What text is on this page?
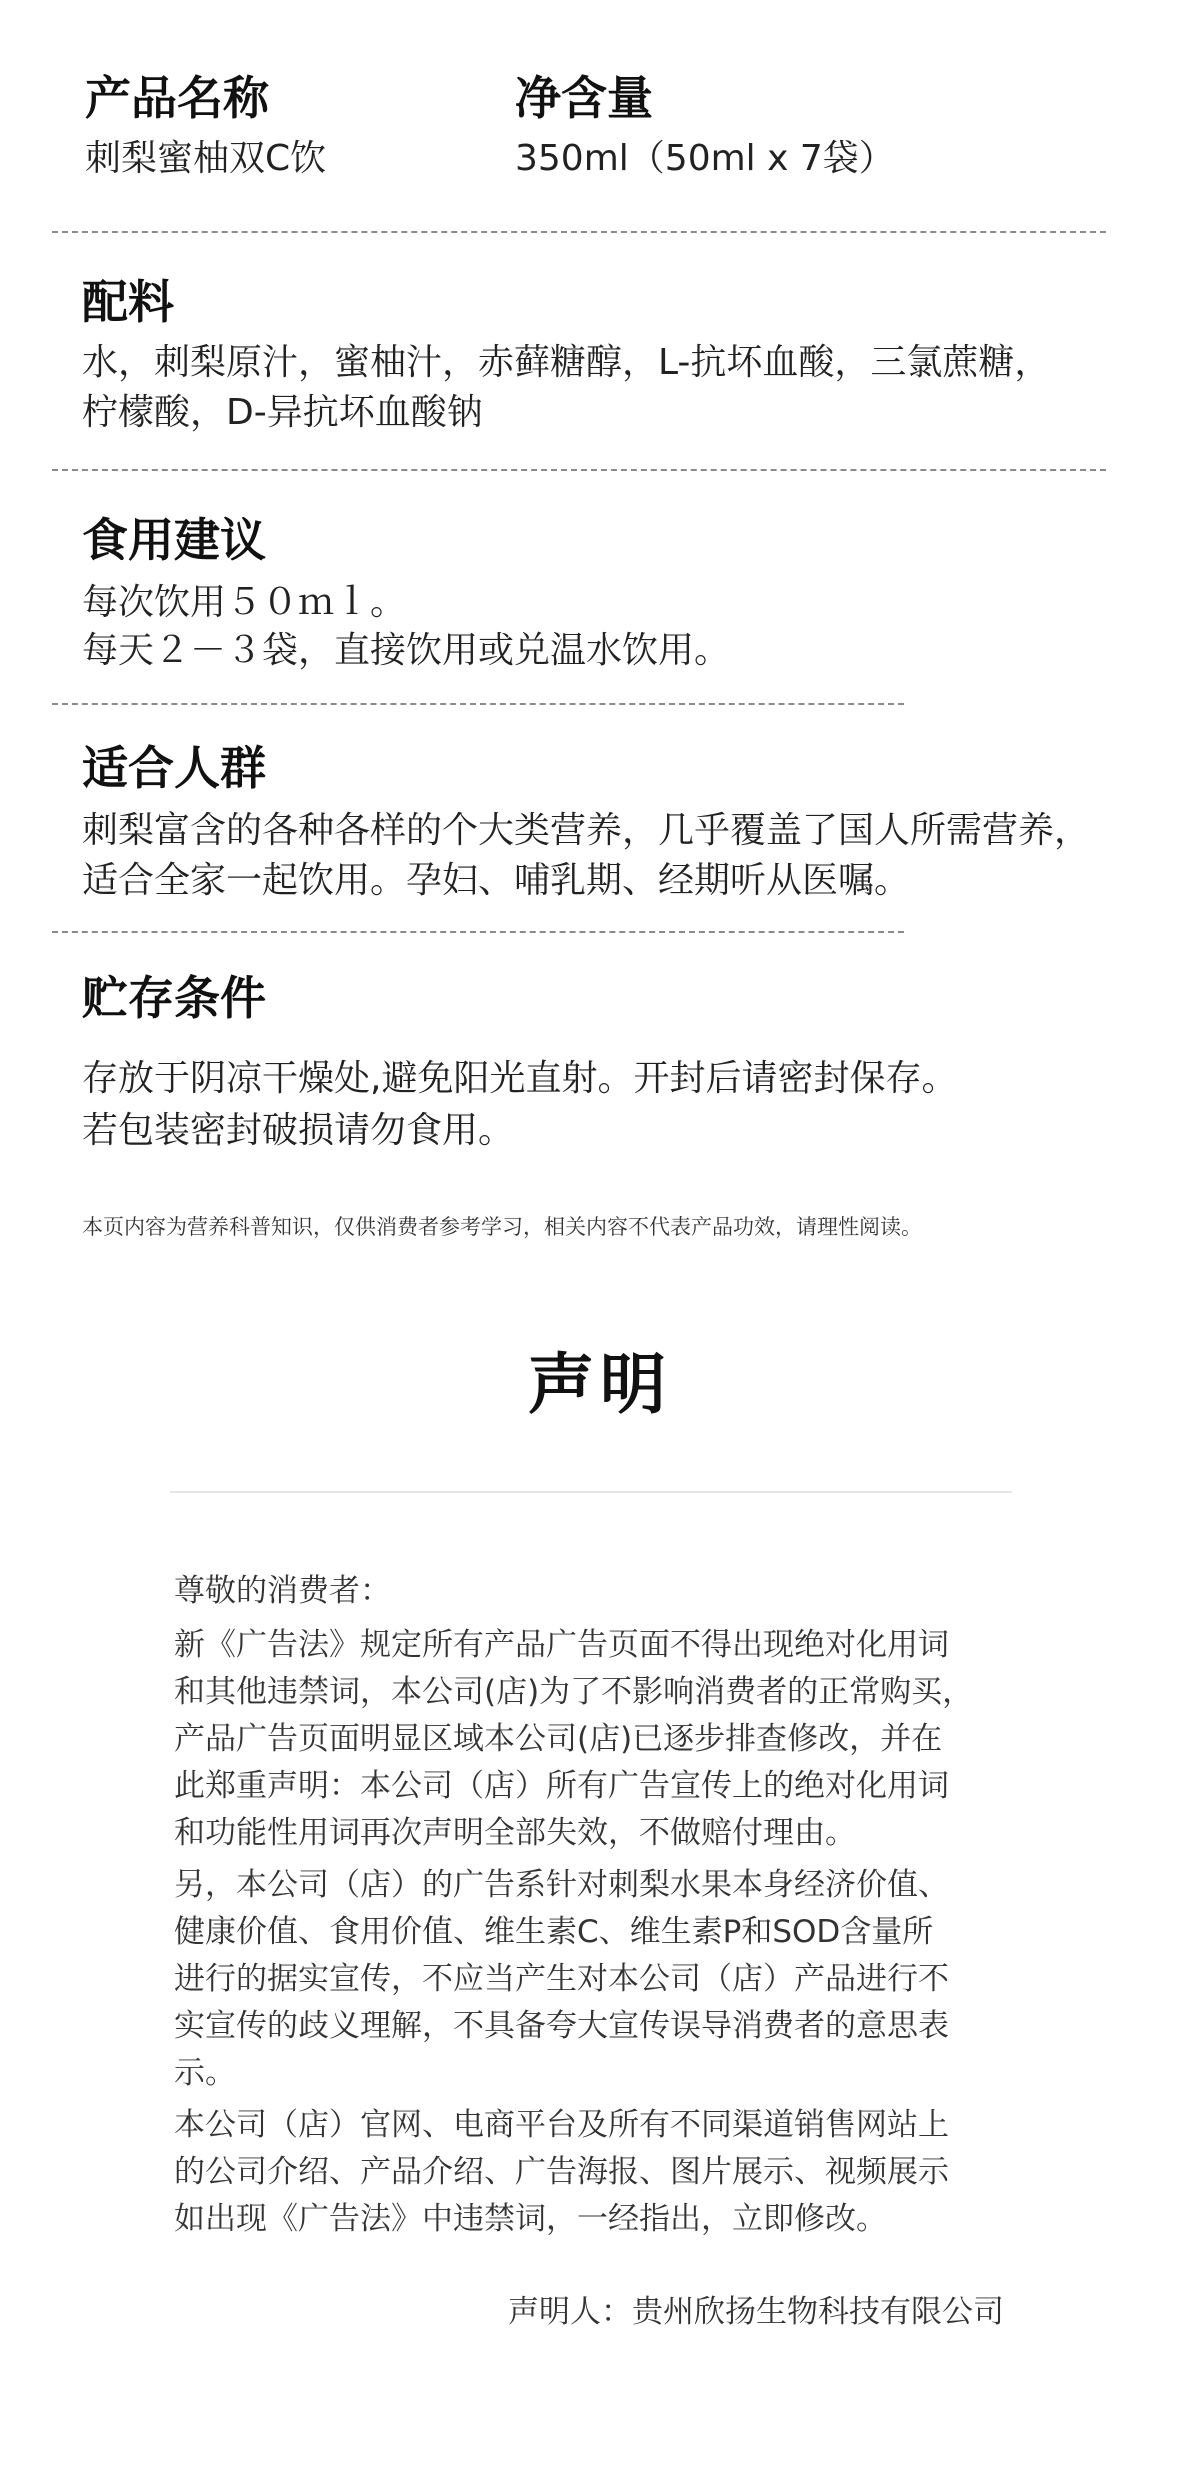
产品名称
刺梨蜜柚双C饮
净含量
350ml（50ml x 7袋）
配料
水，刺梨原汁，蜜柚汁，赤藓糖醇，L-抗坏血酸，三氯蔗糖，
柠檬酸，D-异抗坏血酸钠
食用建议
每次饮用５０ｍｌ。
每天２－３袋，直接饮用或兑温水饮用。
适合人群
刺梨富含的各种各样的个大类营养，几乎覆盖了国人所需营养，
适合全家一起饮用。孕妇、哺乳期、经期听从医嘱。
贮存条件
存放于阴凉干燥处,避免阳光直射。开封后请密封保存。
若包装密封破损请勿食用。
本页内容为营养科普知识，仅供消费者参考学习，相关内容不代表产品功效，请理性阅读。
声明
尊敬的消费者：
新《广告法》规定所有产品广告页面不得出现绝对化用词
和其他违禁词，本公司(店)为了不影响消费者的正常购买，
产品广告页面明显区域本公司(店)已逐步排查修改，并在
此郑重声明：本公司（店）所有广告宣传上的绝对化用词
和功能性用词再次声明全部失效，不做赔付理由。
另，本公司（店）的广告系针对刺梨水果本身经济价值、
健康价值、食用价值、维生素C、维生素P和SOD含量所
进行的据实宣传，不应当产生对本公司（店）产品进行不
实宣传的歧义理解，不具备夸大宣传误导消费者的意思表
示。
本公司（店）官网、电商平台及所有不同渠道销售网站上
的公司介绍、产品介绍、广告海报、图片展示、视频展示
如出现《广告法》中违禁词，一经指出，立即修改。
声明人：贵州欣扬生物科技有限公司
